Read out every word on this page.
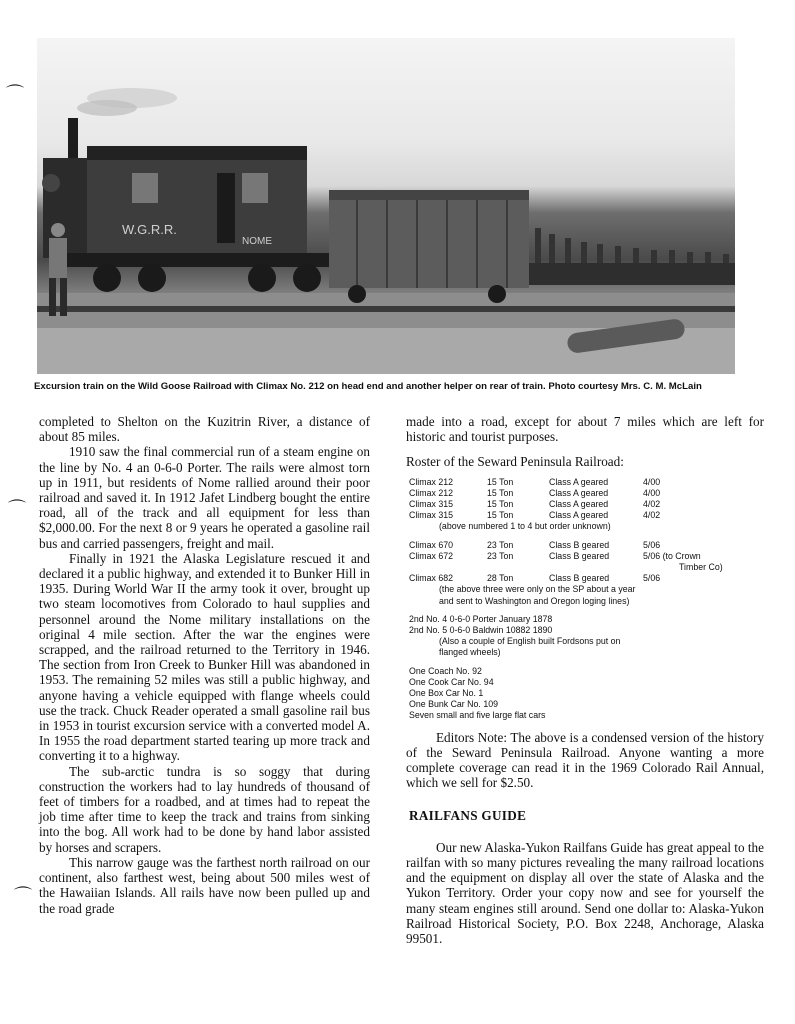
⌒
⌒
⌒
W.G.R.R.
NOME

Excursion train on the Wild Goose Railroad with Climax No. 212 on head end and another helper on rear of train. Photo courtesy Mrs. C. M. McLain

completed to Shelton on the Kuzitrin River, a distance of about 85 miles.

1910 saw the final commercial run of a steam engine on the line by No. 4 an 0-6-0 Porter. The rails were almost torn up in 1911, but residents of Nome rallied around their poor railroad and saved it. In 1912 Jafet Lindberg bought the entire road, all of the track and all equipment for less than $2,000.00. For the next 8 or 9 years he operated a gasoline rail bus and carried passengers, freight and mail.

Finally in 1921 the Alaska Legislature rescued it and declared it a public highway, and extended it to Bunker Hill in 1935. During World War II the army took it over, brought up two steam locomotives from Colorado to haul supplies and personnel around the Nome military installations on the original 4 mile section. After the war the engines were scrapped, and the railroad returned to the Territory in 1946. The section from Iron Creek to Bunker Hill was abandoned in 1953. The remaining 52 miles was still a public highway, and anyone having a vehicle equipped with flange wheels could use the track. Chuck Reader operated a small gasoline rail bus in 1953 in tourist excursion service with a converted model A. In 1955 the road department started tearing up more track and converting it to a highway.

The sub-arctic tundra is so soggy that during construction the workers had to lay hundreds of thousand of feet of timbers for a roadbed, and at times had to repeat the job time after time to keep the track and trains from sinking into the bog. All work had to be done by hand labor assisted by horses and scrapers.

This narrow gauge was the farthest north railroad on our continent, also farthest west, being about 500 miles west of the Hawaiian Islands. All rails have now been pulled up and the road grade

made into a road, except for about 7 miles which are left for historic and tourist purposes.

Roster of the Seward Peninsula Railroad:

Climax 212	15 Ton	Class A geared	4/00
Climax 212	15 Ton	Class A geared	4/00
Climax 315	15 Ton	Class A geared	4/02
Climax 315	15 Ton	Class A geared	4/02
(above numbered 1 to 4 but order unknown)
Climax 670	23 Ton	Class B geared	5/06
Climax 672	23 Ton	Class B geared	5/06 (to Crown
Timber Co)
Climax 682	28 Ton	Class B geared	5/06
(the above three were only on the SP about a year
and sent to Washington and Oregon loging lines)
2nd No. 4 0-6-0 Porter January 1878
2nd No. 5 0-6-0 Baldwin 10882 1890
(Also a couple of English built Fordsons put on
flanged wheels)
One Coach No. 92
One Cook Car No. 94
One Box Car No. 1
One Bunk Car No. 109
Seven small and five large flat cars

Editors Note: The above is a condensed version of the history of the Seward Peninsula Railroad. Anyone wanting a more complete coverage can read it in the 1969 Colorado Rail Annual, which we sell for $2.50.

RAILFANS GUIDE

Our new Alaska-Yukon Railfans Guide has great appeal to the railfan with so many pictures revealing the many railroad locations and the equipment on display all over the state of Alaska and the Yukon Territory. Order your copy now and see for yourself the many steam engines still around. Send one dollar to: Alaska-Yukon Railroad Historical Society, P.O. Box 2248, Anchorage, Alaska 99501.
